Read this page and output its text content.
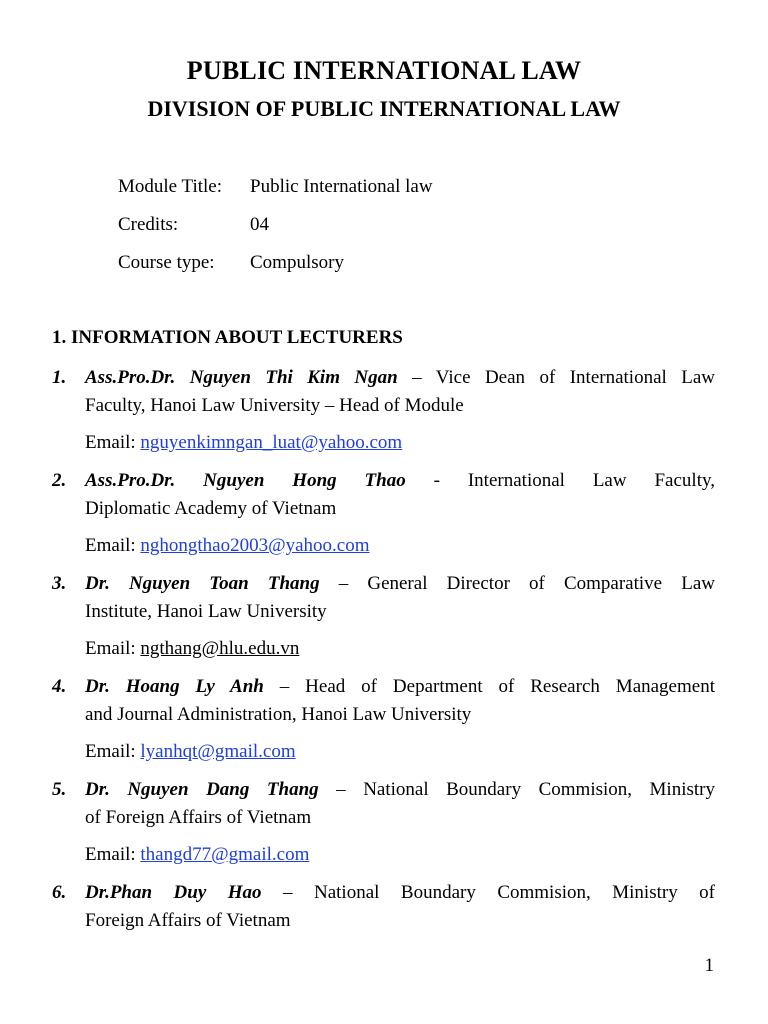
PUBLIC INTERNATIONAL LAW
DIVISION OF PUBLIC INTERNATIONAL LAW
Module Title:	Public International law
Credits:	04
Course type:	Compulsory
1. INFORMATION ABOUT LECTURERS
1. Ass.Pro.Dr. Nguyen Thi Kim Ngan – Vice Dean of International Law
Faculty, Hanoi Law University – Head of Module
Email: nguyenkimngan_luat@yahoo.com
2. Ass.Pro.Dr. Nguyen Hong Thao - International Law Faculty,
Diplomatic Academy of Vietnam
Email: nghongthao2003@yahoo.com
3. Dr. Nguyen Toan Thang – General Director of Comparative Law
Institute, Hanoi Law University
Email: ngthang@hlu.edu.vn
4. Dr. Hoang Ly Anh – Head of Department of Research Management
and Journal Administration, Hanoi Law University
Email: lyanhqt@gmail.com
5. Dr. Nguyen Dang Thang – National Boundary Commision, Ministry
of Foreign Affairs of Vietnam
Email: thangd77@gmail.com
6. Dr.Phan Duy Hao – National Boundary Commision, Ministry of
Foreign Affairs of Vietnam
1
